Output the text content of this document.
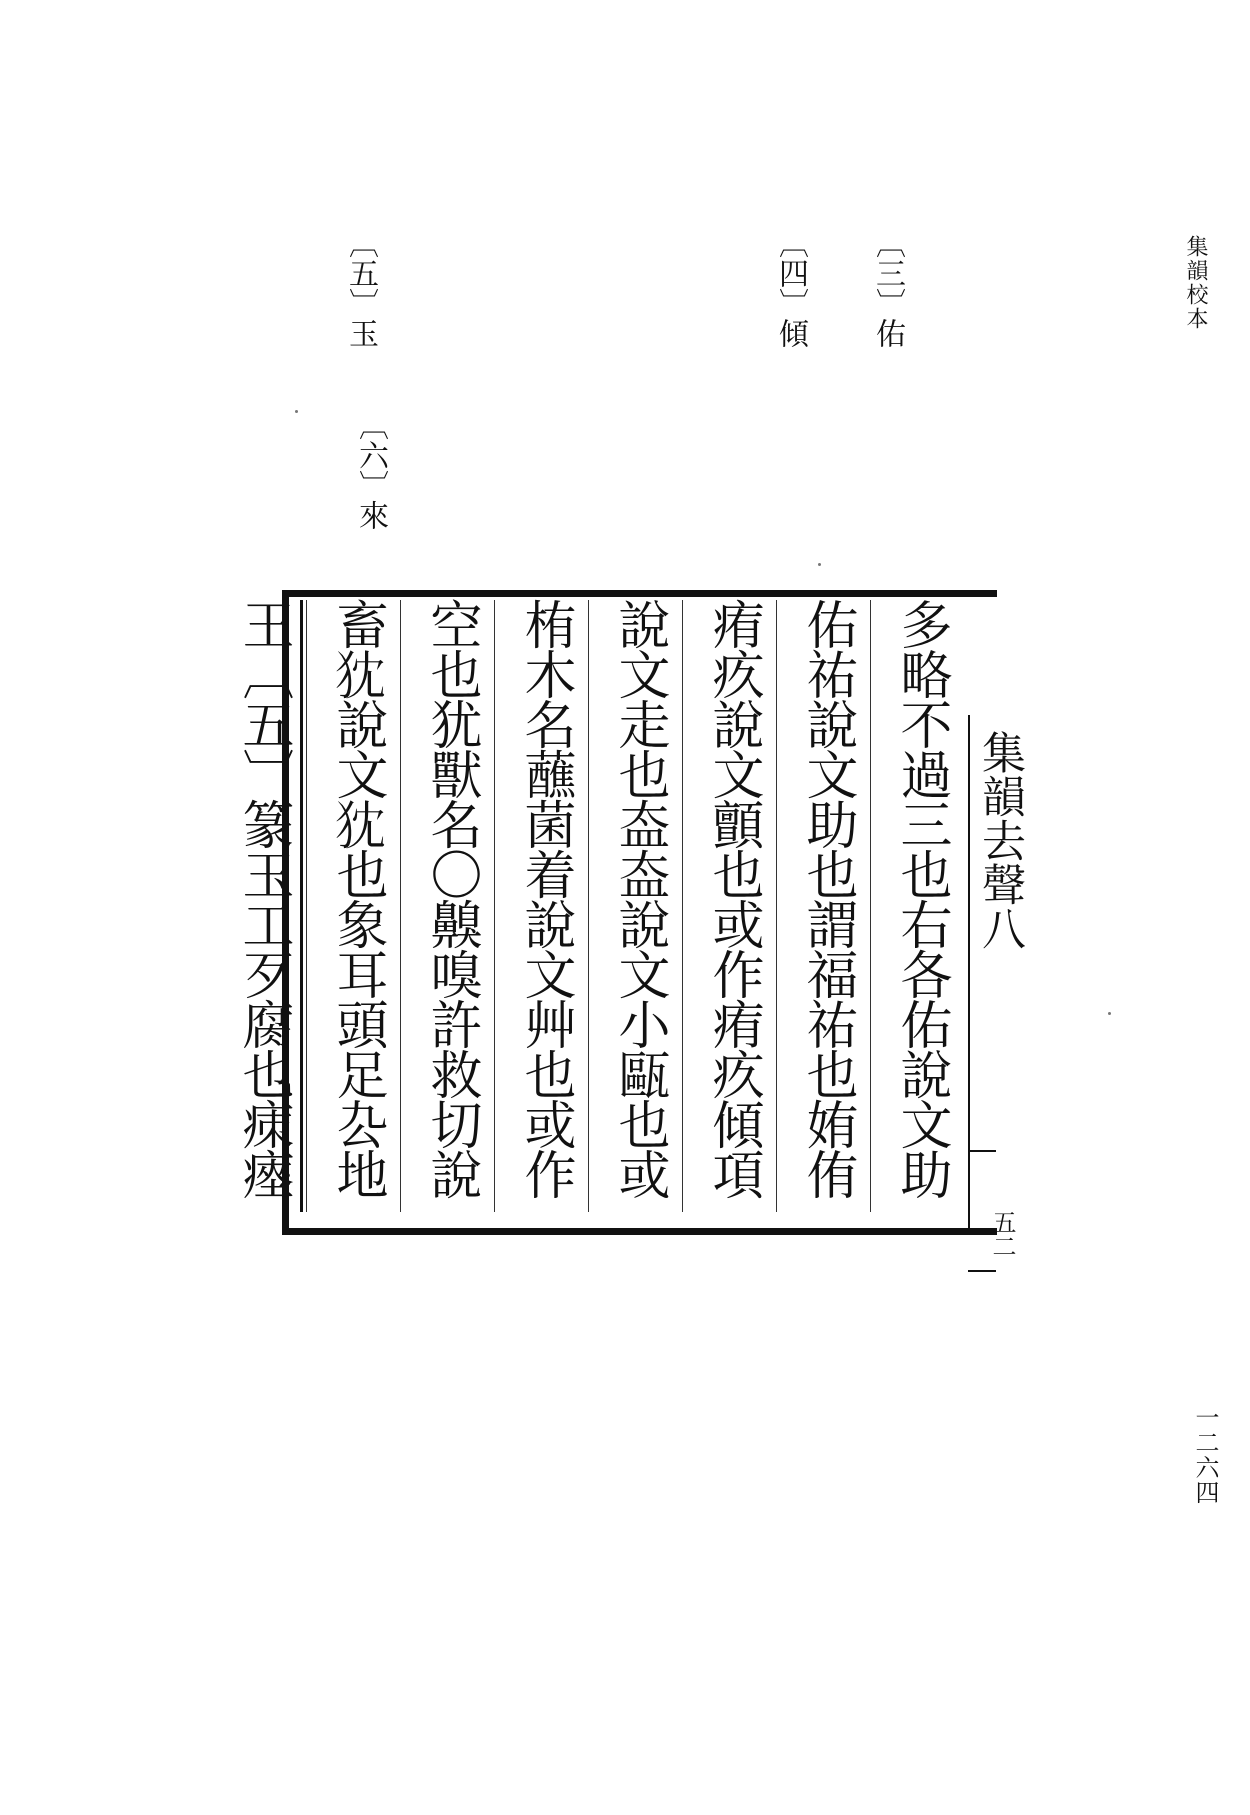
集韻校本
一二六四
〔三〕佑
〔四〕傾
〔五〕玉
〔六〕來
集韻去聲八
五二
多略不過三也右各佑說文助
佑祐說文助也謂福祐也姷侑
痏疚說文顫也或作痏疚傾項
說文走也盇盇說文小甌也或
栯木名蘸菌着說文艸也或作
空也犹獸名〇齅嗅許救切說
畜𤜴說文𤜴也象耳頭足厹地
王〔五〕篆玉工歹腐也㾊瘞
